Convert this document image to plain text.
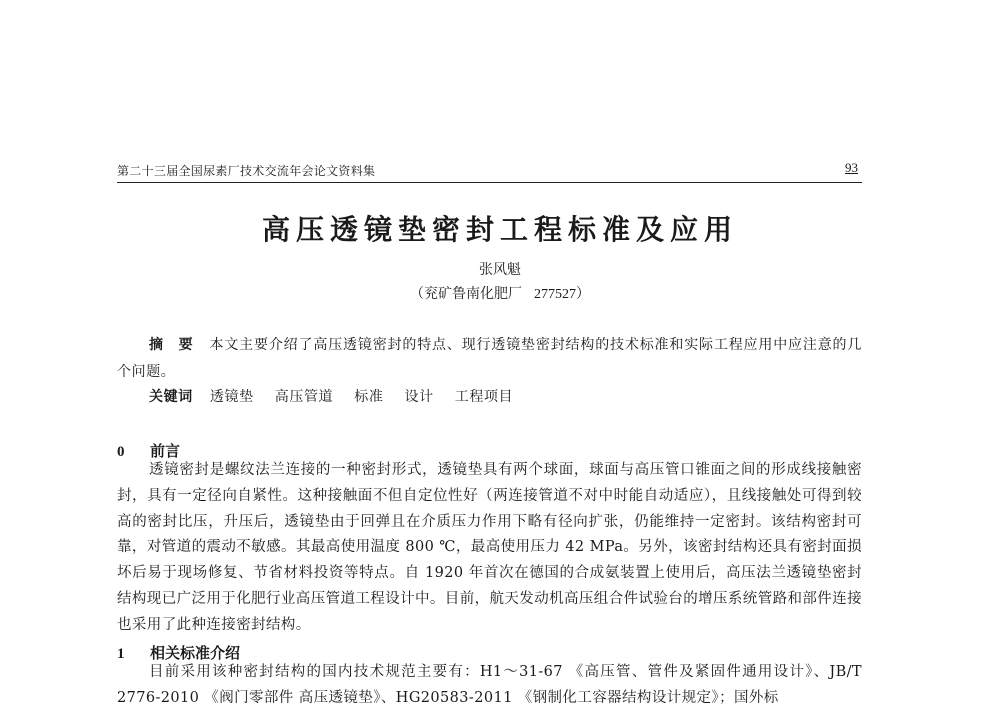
第二十三届全国尿素厂技术交流年会论文资料集	93
高压透镜垫密封工程标准及应用
张风魁
（兖矿鲁南化肥厂 277527）
摘　要 本文主要介绍了高压透镜密封的特点、现行透镜垫密封结构的技术标准和实际工程应用中应注意的几个问题。
关键词 透镜垫 高压管道 标准 设计 工程项目
0 前言
透镜密封是螺纹法兰连接的一种密封形式，透镜垫具有两个球面，球面与高压管口锥面之间的形成线接触密封，具有一定径向自紧性。这种接触面不但自定位性好（两连接管道不对中时能自动适应），且线接触处可得到较高的密封比压，升压后，透镜垫由于回弹且在介质压力作用下略有径向扩张，仍能维持一定密封。该结构密封可靠，对管道的震动不敏感。其最高使用温度 800 ℃，最高使用压力 42 MPa。另外，该密封结构还具有密封面损坏后易于现场修复、节省材料投资等特点。自 1920 年首次在德国的合成氨装置上使用后，高压法兰透镜垫密封结构现已广泛用于化肥行业高压管道工程设计中。目前，航天发动机高压组合件试验台的增压系统管路和部件连接也采用了此种连接密封结构。
1 相关标准介绍
目前采用该种密封结构的国内技术规范主要有：H1～31-67 《高压管、管件及紧固件通用设计》、JB/T 2776-2010 《阀门零部件 高压透镜垫》、HG20583-2011 《钢制化工容器结构设计规定》；国外标
